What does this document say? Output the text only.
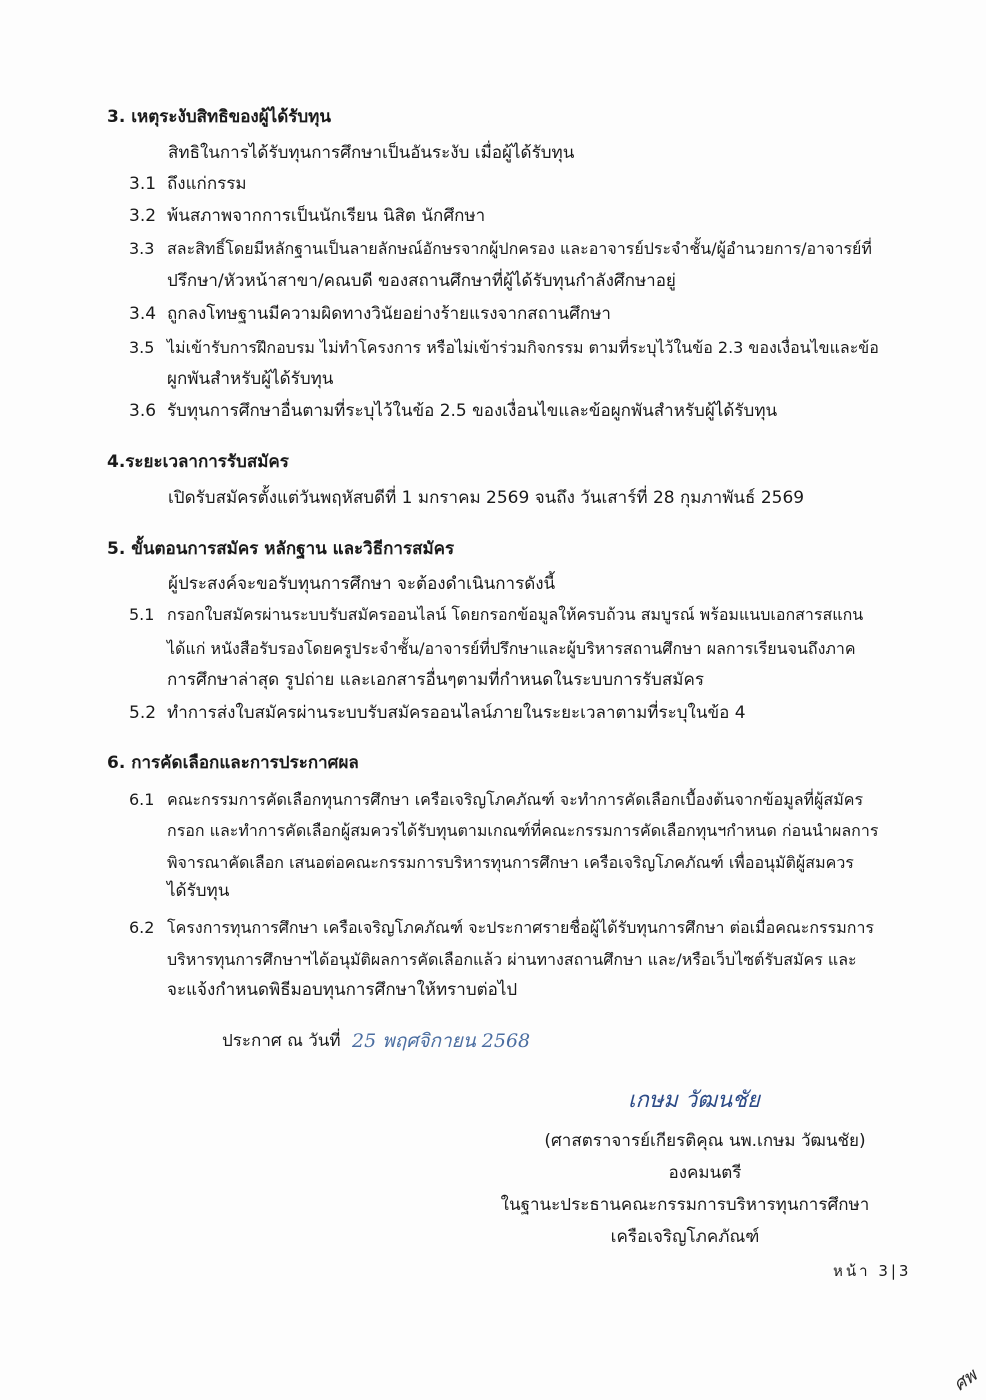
3. เหตุระงับสิทธิของผู้ได้รับทุน
สิทธิในการได้รับทุนการศึกษาเป็นอันระงับ เมื่อผู้ได้รับทุน
3.1 ถึงแก่กรรม
3.2 พ้นสภาพจากการเป็นนักเรียน นิสิต นักศึกษา
3.3 สละสิทธิ์โดยมีหลักฐานเป็นลายลักษณ์อักษรจากผู้ปกครอง และอาจารย์ประจำชั้น/ผู้อำนวยการ/อาจารย์ที่
ปรึกษา/หัวหน้าสาขา/คณบดี ของสถานศึกษาที่ผู้ได้รับทุนกำลังศึกษาอยู่
3.4 ถูกลงโทษฐานมีความผิดทางวินัยอย่างร้ายแรงจากสถานศึกษา
3.5 ไม่เข้ารับการฝึกอบรม ไม่ทำโครงการ หรือไม่เข้าร่วมกิจกรรม ตามที่ระบุไว้ในข้อ 2.3 ของเงื่อนไขและข้อ
ผูกพันสำหรับผู้ได้รับทุน
3.6 รับทุนการศึกษาอื่นตามที่ระบุไว้ในข้อ 2.5 ของเงื่อนไขและข้อผูกพันสำหรับผู้ได้รับทุน
4.ระยะเวลาการรับสมัคร
เปิดรับสมัครตั้งแต่วันพฤหัสบดีที่ 1 มกราคม 2569 จนถึง วันเสาร์ที่ 28 กุมภาพันธ์ 2569
5. ขั้นตอนการสมัคร หลักฐาน และวิธีการสมัคร
ผู้ประสงค์จะขอรับทุนการศึกษา จะต้องดำเนินการดังนี้
5.1 กรอกใบสมัครผ่านระบบรับสมัครออนไลน์ โดยกรอกข้อมูลให้ครบถ้วน สมบูรณ์ พร้อมแนบเอกสารสแกน
ได้แก่ หนังสือรับรองโดยครูประจำชั้น/อาจารย์ที่ปรึกษาและผู้บริหารสถานศึกษา ผลการเรียนจนถึงภาค
การศึกษาล่าสุด รูปถ่าย และเอกสารอื่นๆตามที่กำหนดในระบบการรับสมัคร
5.2 ทำการส่งใบสมัครผ่านระบบรับสมัครออนไลน์ภายในระยะเวลาตามที่ระบุในข้อ 4
6. การคัดเลือกและการประกาศผล
6.1 คณะกรรมการคัดเลือกทุนการศึกษา เครือเจริญโภคภัณฑ์ จะทำการคัดเลือกเบื้องต้นจากข้อมูลที่ผู้สมัคร
กรอก และทำการคัดเลือกผู้สมควรได้รับทุนตามเกณฑ์ที่คณะกรรมการคัดเลือกทุนฯกำหนด ก่อนนำผลการ
พิจารณาคัดเลือก เสนอต่อคณะกรรมการบริหารทุนการศึกษา เครือเจริญโภคภัณฑ์ เพื่ออนุมัติผู้สมควร
ได้รับทุน
6.2 โครงการทุนการศึกษา เครือเจริญโภคภัณฑ์ จะประกาศรายชื่อผู้ได้รับทุนการศึกษา ต่อเมื่อคณะกรรมการ
บริหารทุนการศึกษาฯได้อนุมัติผลการคัดเลือกแล้ว ผ่านทางสถานศึกษา และ/หรือเว็บไซต์รับสมัคร และ
จะแจ้งกำหนดพิธีมอบทุนการศึกษาให้ทราบต่อไป
ประกาศ ณ วันที่ 25 พฤศจิกายน 2568
เกษม วัฒนชัย
(ศาสตราจารย์เกียรติคุณ นพ.เกษม วัฒนชัย)
องคมนตรี
ในฐานะประธานคณะกรรมการบริหารทุนการศึกษา
เครือเจริญโภคภัณฑ์
หน้า 3|3
ศพ
